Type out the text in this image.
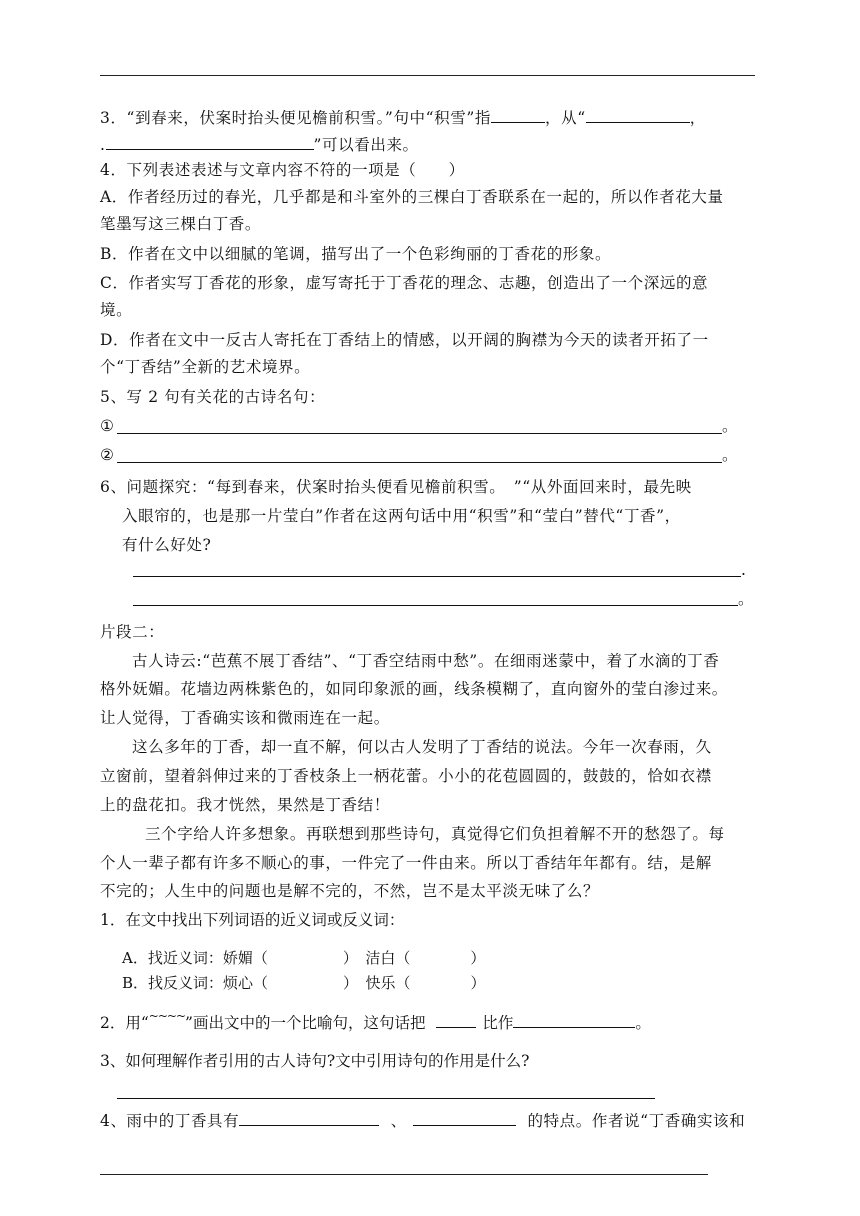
3．“到春来，伏案时抬头便见檐前积雪。”句中“积雪”指	，从“	，
.	”可以看出来。
4．下列表述表述与文章内容不符的一项是（　　）
A．作者经历过的春光，几乎都是和斗室外的三棵白丁香联系在一起的，所以作者花大量
笔墨写这三棵白丁香。
B．作者在文中以细腻的笔调，描写出了一个色彩绚丽的丁香花的形象。
C．作者实写丁香花的形象，虚写寄托于丁香花的理念、志趣，创造出了一个深远的意
境。
D．作者在文中一反古人寄托在丁香结上的情感，以开阔的胸襟为今天的读者开拓了一
个“丁香结”全新的艺术境界。
5、写 2 句有关花的古诗名句：
①	。
②	。
6、问题探究：“每到春来，伏案时抬头便看见檐前积雪。　”“从外面回来时，最先映
入眼帘的，也是那一片莹白”作者在这两句话中用“积雪”和“莹白”替代“丁香”，
有什么好处?
.
。
片段二：
古人诗云:“芭蕉不展丁香结”、“丁香空结雨中愁”。在细雨迷蒙中，着了水滴的丁香
格外妩媚。花墙边两株紫色的，如同印象派的画，线条模糊了，直向窗外的莹白渗过来。
让人觉得，丁香确实该和微雨连在一起。
这么多年的丁香，却一直不解，何以古人发明了丁香结的说法。今年一次春雨，久
立窗前，望着斜伸过来的丁香枝条上一柄花蕾。小小的花苞圆圆的，鼓鼓的，恰如衣襟
上的盘花扣。我才恍然，果然是丁香结！
三个字给人许多想象。再联想到那些诗句，真觉得它们负担着解不开的愁怨了。每
个人一辈子都有许多不顺心的事，一件完了一件由来。所以丁香结年年都有。结，是解
不完的；人生中的问题也是解不完的，不然，岂不是太平淡无味了么？
1．在文中找出下列词语的近义词或反义词：
A．找近义词：娇媚（　　　　　）　洁白（　　　　）
B．找反义词：烦心（　　　　　）　快乐（　　　　）
2．用“~~~~”画出文中的一个比喻句，这句话把	比作	。
3、如何理解作者引用的古人诗句?文中引用诗句的作用是什么?
4、雨中的丁香具有	、	的特点。作者说“丁香确实该和
